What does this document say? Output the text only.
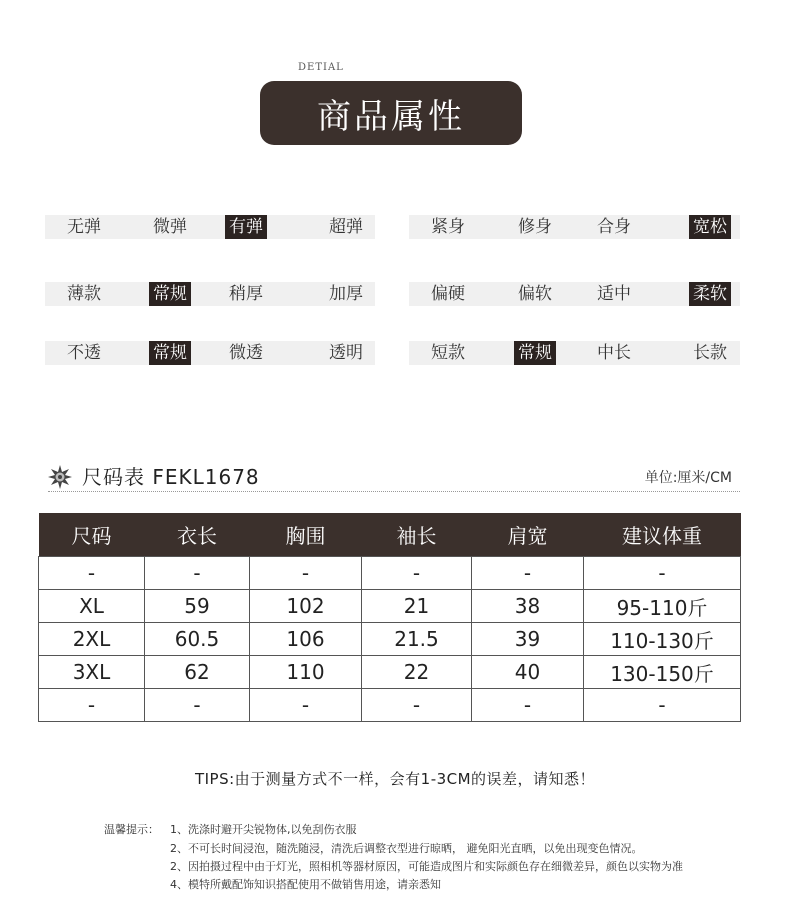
DETIAL
商品属性
无弹	微弹 有弹	超弹	紧身	修身	合身	宽松
薄款	常规 稍厚	加厚	偏硬	偏软	适中	柔软
不透	常规 微透	透明	短款	常规	中长	长款
尺码表 FEKL1678	单位:厘米/CM
尺码	衣长	胸围	袖长	肩宽	建议体重
-	-	-	-	-	-
XL	59	102	21	38	95-110斤
2XL	60.5	106	21.5	39	110-130斤
3XL	62	110	22	40	130-150斤
-	-	-	-	-	-
TIPS:由于测量方式不一样，会有1-3CM的误差，请知悉！
温馨提示： 1、洗涤时避开尖锐物体,以免刮伤衣服
2、不可长时间浸泡，随洗随浸，清洗后调整衣型进行晾晒， 避免阳光直晒，以免出现变色情况。
2、因拍摄过程中由于灯光，照相机等器材原因，可能造成图片和实际颜色存在细微差异，颜色以实物为准
4、模特所戴配饰知识搭配使用不做销售用途，请亲悉知
